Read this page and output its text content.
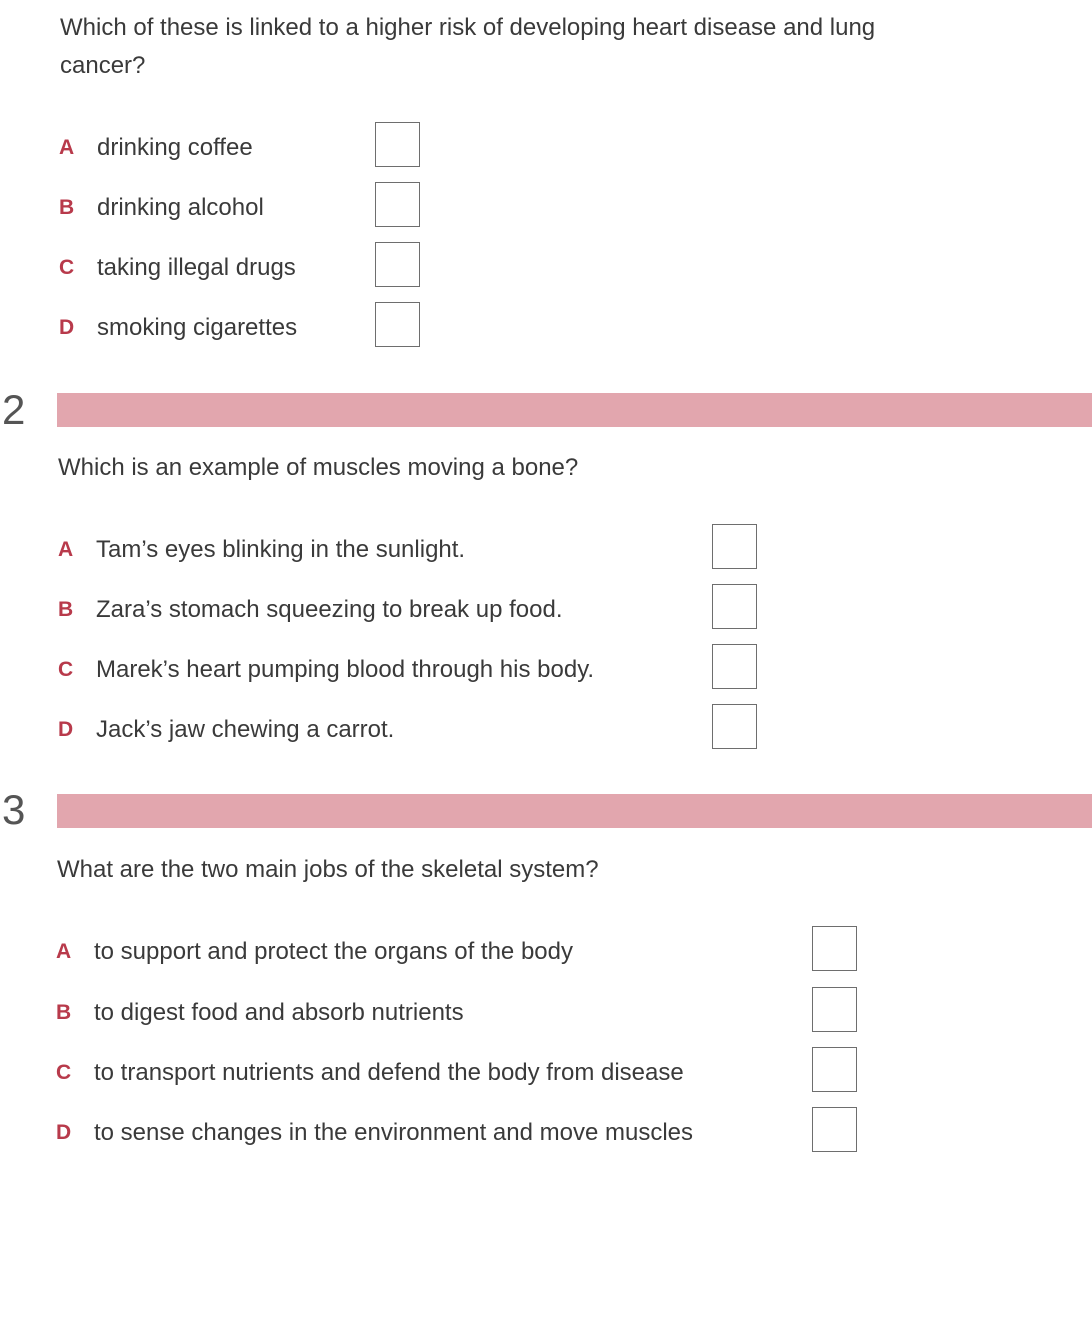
Which of these is linked to a higher risk of developing heart disease and lung cancer?
A drinking coffee
B drinking alcohol
C taking illegal drugs
D smoking cigarettes
2
Which is an example of muscles moving a bone?
A Tam’s eyes blinking in the sunlight.
B Zara’s stomach squeezing to break up food.
C Marek’s heart pumping blood through his body.
D Jack’s jaw chewing a carrot.
3
What are the two main jobs of the skeletal system?
A to support and protect the organs of the body
B to digest food and absorb nutrients
C to transport nutrients and defend the body from disease
D to sense changes in the environment and move muscles
